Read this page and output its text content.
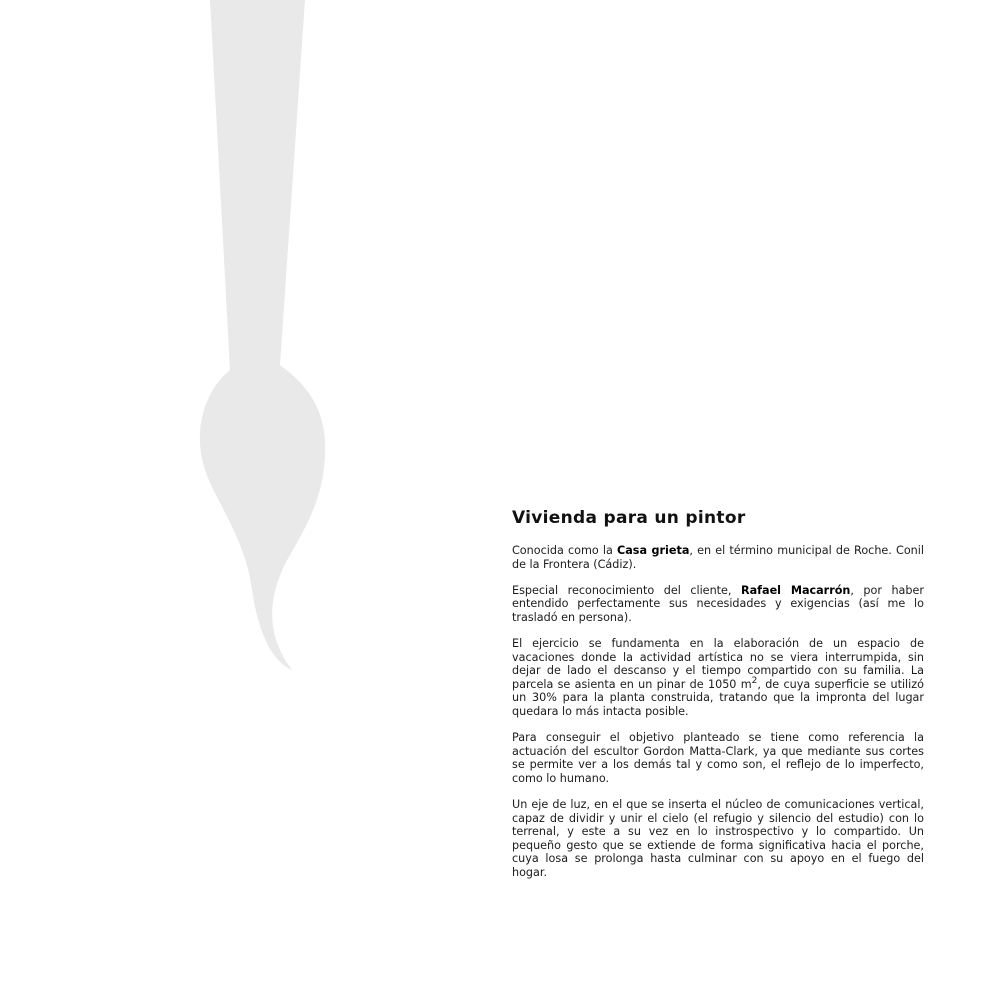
Vivienda para un pintor

Conocida como la Casa grieta, en el término municipal de Roche. Conil de la Frontera (Cádiz).

Especial reconocimiento del cliente, Rafael Macarrón, por haber entendido perfectamente sus necesidades y exigencias (así me lo trasladó en persona).

El ejercicio se fundamenta en la elaboración de un espacio de vacaciones donde la actividad artística no se viera interrumpida, sin dejar de lado el descanso y el tiempo compartido con su familia. La parcela se asienta en un pinar de 1050 $m^2$, de cuya superficie se utilizó un 30% para la planta construida, tratando que la impronta del lugar quedara lo más intacta posible.

Para conseguir el objetivo planteado se tiene como referencia la actuación del escultor Gordon Matta-Clark, ya que mediante sus cortes se permite ver a los demás tal y como son, el reflejo de lo imperfecto, como lo humano.

Un eje de luz, en el que se inserta el núcleo de comunicaciones vertical, capaz de dividir y unir el cielo (el refugio y silencio del estudio) con lo terrenal, y este a su vez en lo instrospectivo y lo compartido. Un pequeño gesto que se extiende de forma significativa hacia el porche, cuya losa se prolonga hasta culminar con su apoyo en el fuego del hogar.
